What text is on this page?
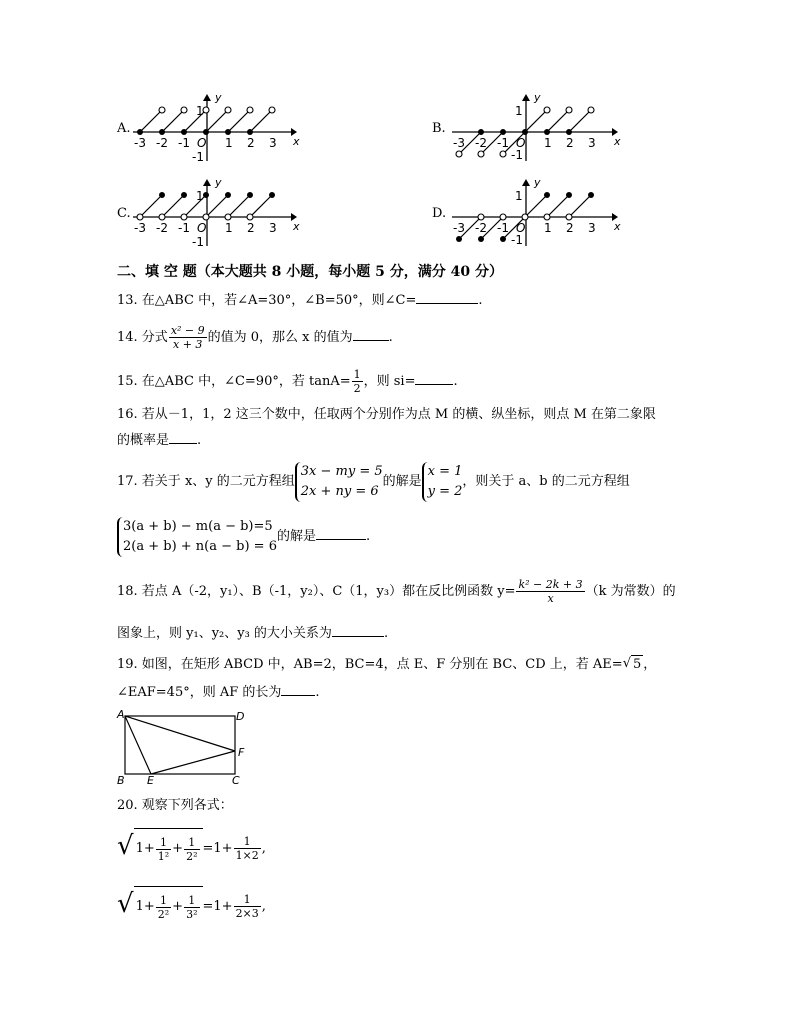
A.
y
1
-1
x
-3 -2 -1 O 1 2 3
B.
y
1
-1
x
-3 -2 -1 O 1 2 3
C.
y
1
-1
x
-3 -2 -1 O 1 2 3
D.
y
1
-1
x
-3 -2 -1 O 1 2 3
二、填 空 题（本大题共 8 小题，每小题 5 分，满分 40 分）
13. 在△ABC 中，若∠A=30°，∠B=50°，则∠C=	.
14. 分式 $\frac{\text{x² − 9}}{x + 3}$ 的值为 0，那么 x 的值为	.
15. 在△ABC 中，∠C=90°，若 $\tan A= \frac{1}{2}$ ，则 si=	.
16. 若从－1，1，2 这三个数中，任取两个分别作为点 M 的横、纵坐标，则点 M 在第二象限
的概率是 .
17. 若关于 x、y 的二元方程组
3x − my = 5
2x + ny = 6
的解是
x = 1
y = 2
，则关于 a、b 的二元方程组
3(a + b) − m(a − b)=5
2(a + b) + n(a − b) = 6
的解是	.
18. 若点 A（-2，y₁）、B（-1，y₂）、C（1，y₃）都在反比例函数 $y= \frac{\text{k² − 2k + 3}}{x} (k$ 为常数）的
图象上，则 y₁、y₂、y₃ 的大小关系为	.
19. 如图，在矩形 ABCD 中，AB=2，BC=4，点 E、F 分别在 BC、CD 上，若 AE=√ 5 ，
∠EAF=45°，则 AF 的长为	.
A	D
B E	C
F
20. 观察下列各式：
√ $1+ \frac{1}{\text{1²}} + \frac{1}{\text{2²}} =1+ \frac{1}{1\times 2}$ ,
√ $1+ \frac{1}{\text{2²}} + \frac{1}{\text{3²}} =1+ \frac{1}{2\times 3}$ ,
